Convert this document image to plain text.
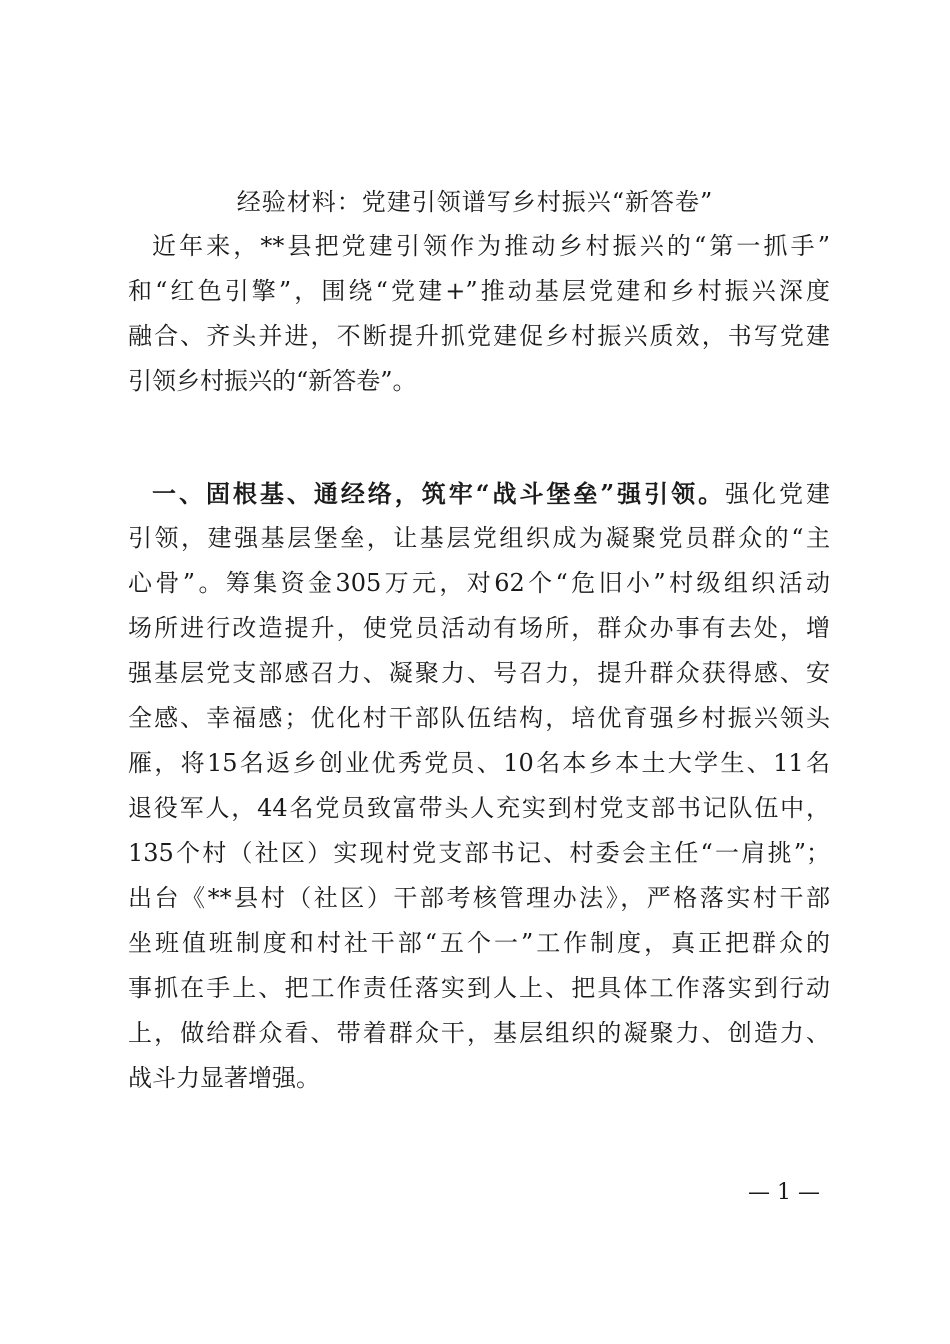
经验材料：党建引领谱写乡村振兴“新答卷”
近年来，**县把党建引领作为推动乡村振兴的“第一抓手”
和“红色引擎”，围绕“党建+”推动基层党建和乡村振兴深度
融合、齐头并进，不断提升抓党建促乡村振兴质效，书写党建
引领乡村振兴的“新答卷”。
一、固根基、通经络，筑牢“战斗堡垒”强引领。强化党建
引领，建强基层堡垒，让基层党组织成为凝聚党员群众的“主
心骨”。筹集资金305万元，对62个“危旧小”村级组织活动
场所进行改造提升，使党员活动有场所，群众办事有去处，增
强基层党支部感召力、凝聚力、号召力，提升群众获得感、安
全感、幸福感；优化村干部队伍结构，培优育强乡村振兴领头
雁，将15名返乡创业优秀党员、10名本乡本土大学生、11名
退役军人，44名党员致富带头人充实到村党支部书记队伍中，
135个村（社区）实现村党支部书记、村委会主任“一肩挑”；
出台《**县村（社区）干部考核管理办法》，严格落实村干部
坐班值班制度和村社干部“五个一”工作制度，真正把群众的
事抓在手上、把工作责任落实到人上、把具体工作落实到行动
上，做给群众看、带着群众干，基层组织的凝聚力、创造力、
战斗力显著增强。
— 1 —
